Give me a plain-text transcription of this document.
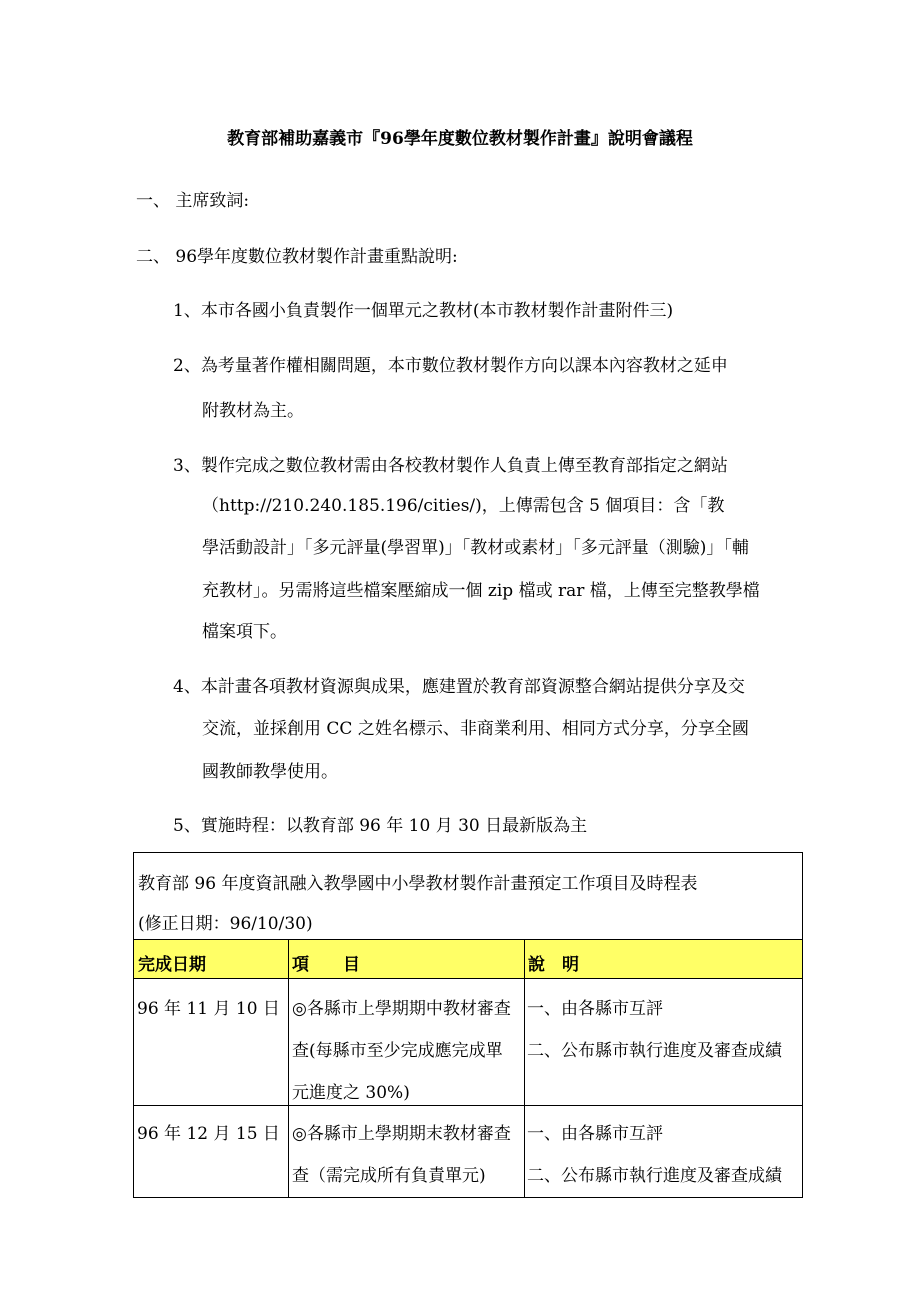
教育部補助嘉義市『96學年度數位教材製作計畫』說明會議程
一、 主席致詞:
二、 96學年度數位教材製作計畫重點說明:
1、本市各國小負責製作一個單元之教材(本市教材製作計畫附件三)
2、為考量著作權相關問題，本市數位教材製作方向以課本內容教材之延申
附教材為主。
3、製作完成之數位教材需由各校教材製作人負責上傳至教育部指定之網站
（http://210.240.185.196/cities/)，上傳需包含 5 個項目：含「教
學活動設計」「多元評量(學習單)」「教材或素材」「多元評量（測驗)」「輔
充教材」。另需將這些檔案壓縮成一個 zip 檔或 rar 檔，上傳至完整教學檔
檔案項下。
4、本計畫各項教材資源與成果，應建置於教育部資源整合網站提供分享及交
交流，並採創用 CC 之姓名標示、非商業利用、相同方式分享，分享全國
國教師教學使用。
5、實施時程：以教育部 96 年 10 月 30 日最新版為主
教育部 96 年度資訊融入教學國中小學教材製作計畫預定工作項目及時程表
(修正日期：96/10/30)
完成日期	項　　目	說　明
96 年 11 月 10 日 ◎各縣市上學期期中教材審查
查(每縣市至少完成應完成單
元進度之 30%)
一、由各縣市互評
二、公布縣市執行進度及審查成績
96 年 12 月 15 日 ◎各縣市上學期期末教材審查
查（需完成所有負責單元)
一、由各縣市互評
二、公布縣市執行進度及審查成績
